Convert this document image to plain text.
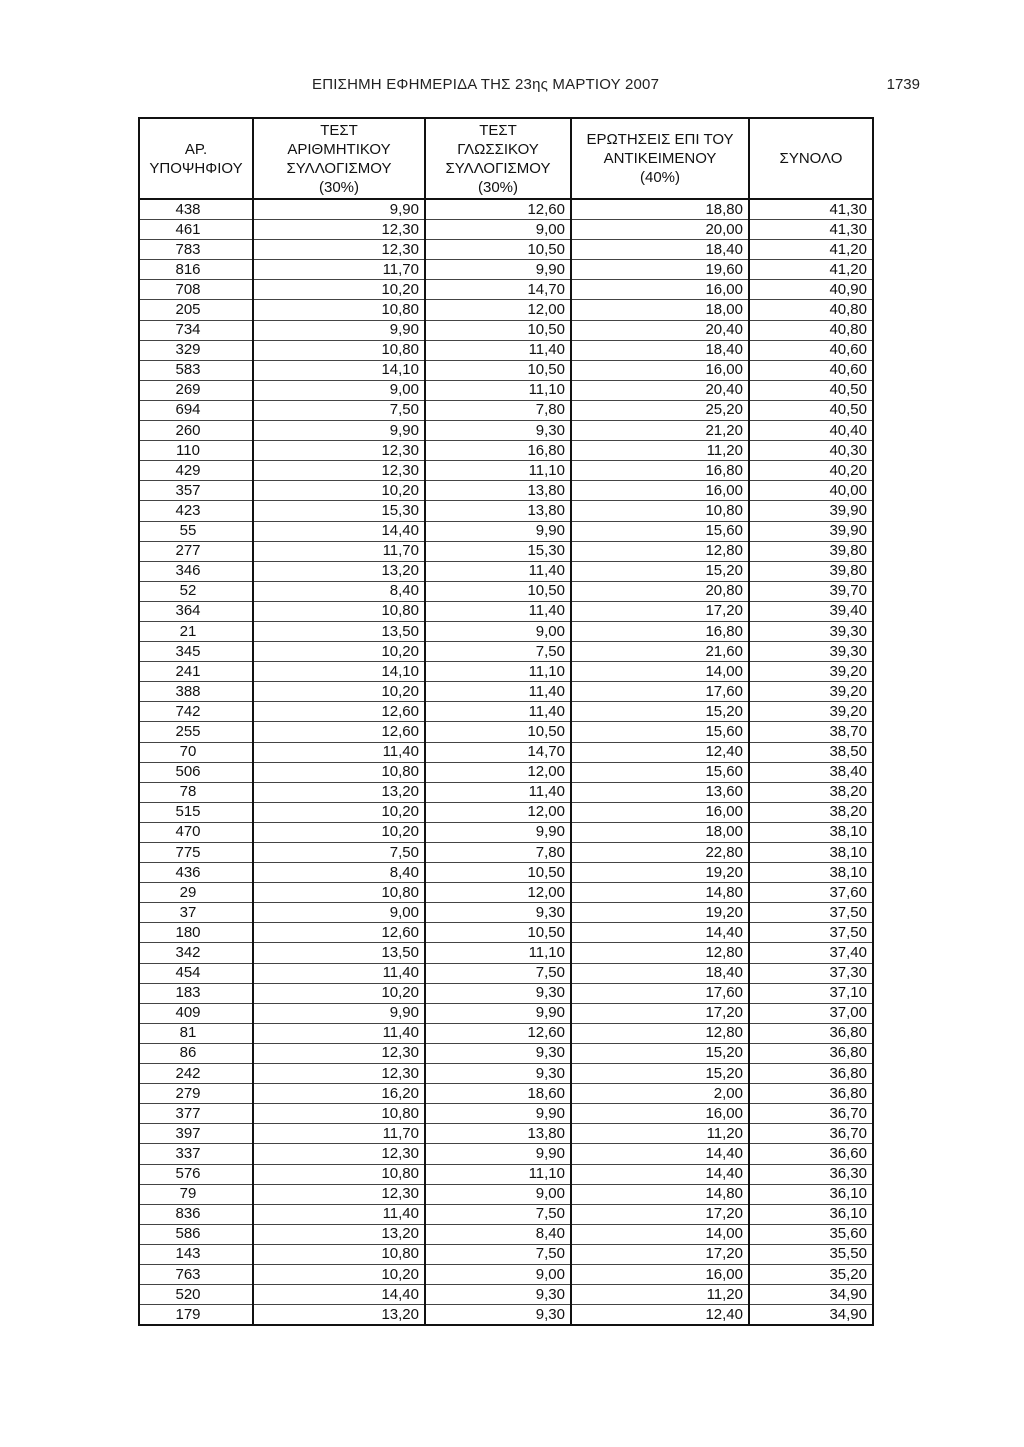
ΕΠΙΣΗΜΗ ΕΦΗΜΕΡΙΔΑ ΤΗΣ 23ης ΜΑΡΤΙΟΥ 2007	1739
ΑΡ.
ΥΠΟΨΗΦΙΟΥ	ΤΕΣΤ
ΑΡΙΘΜΗΤΙΚΟΥ
ΣΥΛΛΟΓΙΣΜΟΥ
(30%)	ΤΕΣΤ
ΓΛΩΣΣΙΚΟΥ
ΣΥΛΛΟΓΙΣΜΟΥ
(30%)	ΕΡΩΤΗΣΕΙΣ ΕΠΙ ΤΟΥ
ΑΝΤΙΚΕΙΜΕΝΟΥ
(40%)	ΣΥΝΟΛΟ

438	9,90	12,60	18,80	41,30
461	12,30	9,00	20,00	41,30
783	12,30	10,50	18,40	41,20
816	11,70	9,90	19,60	41,20
708	10,20	14,70	16,00	40,90
205	10,80	12,00	18,00	40,80
734	9,90	10,50	20,40	40,80
329	10,80	11,40	18,40	40,60
583	14,10	10,50	16,00	40,60
269	9,00	11,10	20,40	40,50
694	7,50	7,80	25,20	40,50
260	9,90	9,30	21,20	40,40
110	12,30	16,80	11,20	40,30
429	12,30	11,10	16,80	40,20
357	10,20	13,80	16,00	40,00
423	15,30	13,80	10,80	39,90
55	14,40	9,90	15,60	39,90
277	11,70	15,30	12,80	39,80
346	13,20	11,40	15,20	39,80
52	8,40	10,50	20,80	39,70
364	10,80	11,40	17,20	39,40
21	13,50	9,00	16,80	39,30
345	10,20	7,50	21,60	39,30
241	14,10	11,10	14,00	39,20
388	10,20	11,40	17,60	39,20
742	12,60	11,40	15,20	39,20
255	12,60	10,50	15,60	38,70
70	11,40	14,70	12,40	38,50
506	10,80	12,00	15,60	38,40
78	13,20	11,40	13,60	38,20
515	10,20	12,00	16,00	38,20
470	10,20	9,90	18,00	38,10
775	7,50	7,80	22,80	38,10
436	8,40	10,50	19,20	38,10
29	10,80	12,00	14,80	37,60
37	9,00	9,30	19,20	37,50
180	12,60	10,50	14,40	37,50
342	13,50	11,10	12,80	37,40
454	11,40	7,50	18,40	37,30
183	10,20	9,30	17,60	37,10
409	9,90	9,90	17,20	37,00
81	11,40	12,60	12,80	36,80
86	12,30	9,30	15,20	36,80
242	12,30	9,30	15,20	36,80
279	16,20	18,60	2,00	36,80
377	10,80	9,90	16,00	36,70
397	11,70	13,80	11,20	36,70
337	12,30	9,90	14,40	36,60
576	10,80	11,10	14,40	36,30
79	12,30	9,00	14,80	36,10
836	11,40	7,50	17,20	36,10
586	13,20	8,40	14,00	35,60
143	10,80	7,50	17,20	35,50
763	10,20	9,00	16,00	35,20
520	14,40	9,30	11,20	34,90
179	13,20	9,30	12,40	34,90
